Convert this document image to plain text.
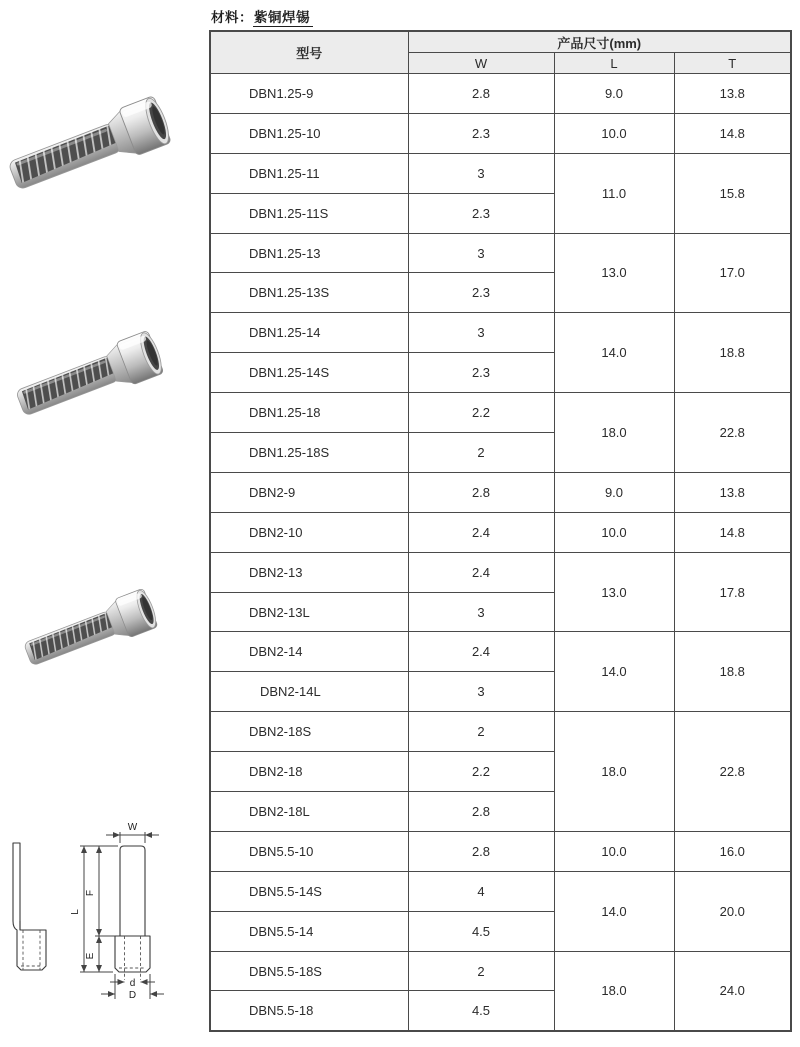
W
L
F
E
d
D
材料：紫铜焊锡
型号	产品尺寸(mm)		
	W	L	T
DBN1.25-9	2.8	9.0	13.8
DBN1.25-10	2.3	10.0	14.8
DBN1.25-11	3	11.0	15.8
DBN1.25-11S	2.3		
DBN1.25-13	3	13.0	17.0
DBN1.25-13S	2.3		
DBN1.25-14	3	14.0	18.8
DBN1.25-14S	2.3		
DBN1.25-18	2.2	18.0	22.8
DBN1.25-18S	2		
DBN2-9	2.8	9.0	13.8
DBN2-10	2.4	10.0	14.8
DBN2-13	2.4	13.0	17.8
DBN2-13L	3		
DBN2-14	2.4	14.0	18.8
DBN2-14L	3		
DBN2-18S	2	18.0	22.8
DBN2-18	2.2		
DBN2-18L	2.8		
DBN5.5-10	2.8	10.0	16.0
DBN5.5-14S	4	14.0	20.0
DBN5.5-14	4.5		
DBN5.5-18S	2	18.0	24.0
DBN5.5-18	4.5		
